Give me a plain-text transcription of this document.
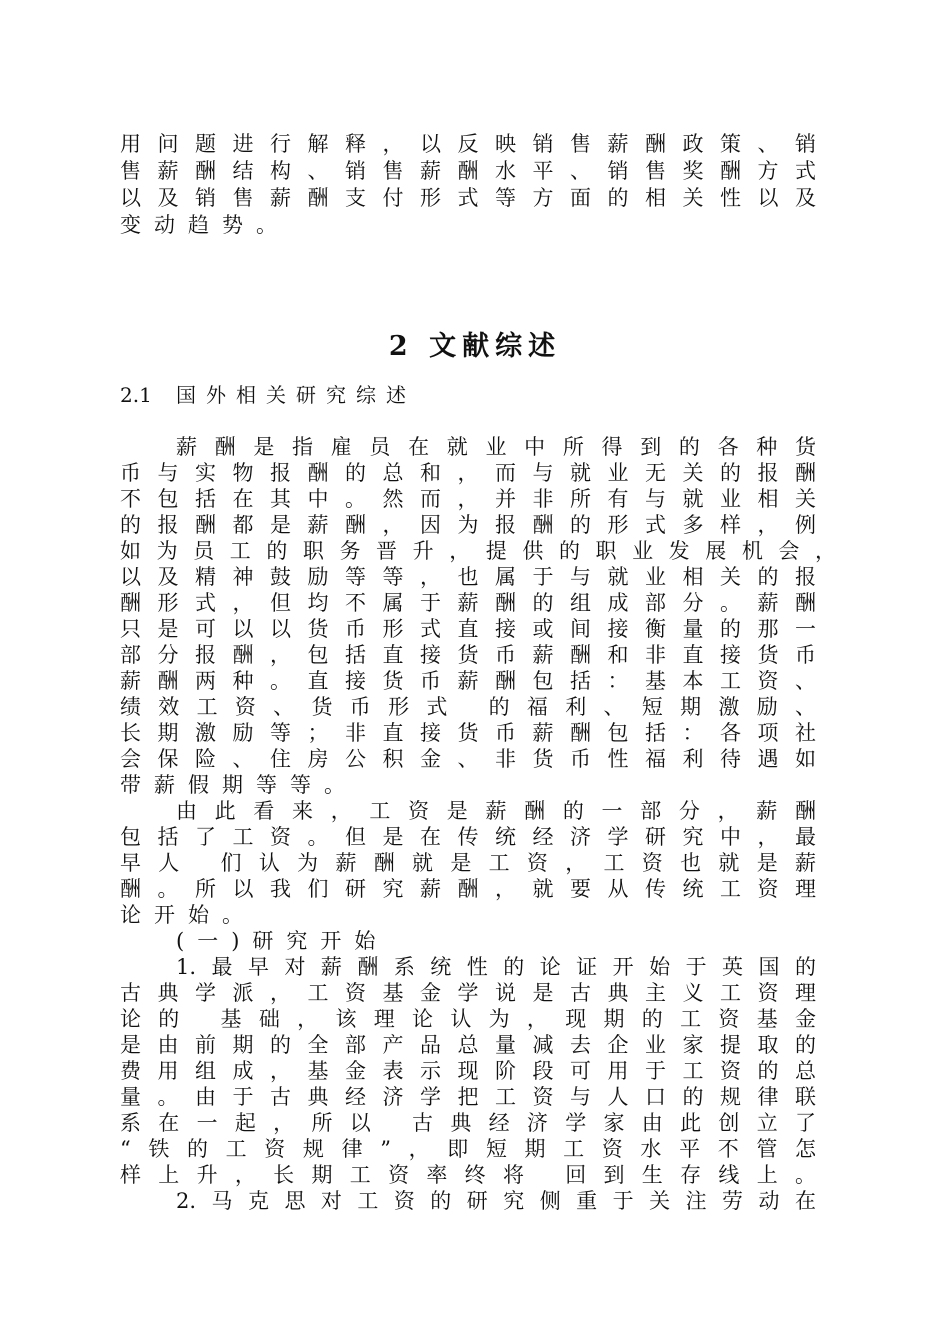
用问题进行解释，以反映销售薪酬政策、销
售薪酬结构、销售薪酬水平、销售奖酬方式
以及销售薪酬支付形式等方面的相关性以及
变动趋势。
2 文献综述
2.1 国外相关研究综述
薪酬是指雇员在就业中所得到的各种货
币与实物报酬的总和，而与就业无关的报酬
不包括在其中。然而，并非所有与就业相关
的报酬都是薪酬，因为报酬的形式多样，例
如为员工的职务晋升，提供的职业发展机会，
以及精神鼓励等等，也属于与就业相关的报
酬形式，但均不属于薪酬的组成部分。薪酬
只是可以以货币形式直接或间接衡量的那一
部分报酬，包括直接货币薪酬和非直接货币
薪酬两种。直接货币薪酬包括：基本工资、
绩效工资、货币形式 的福利、短期激励、
长期激励等；非直接货币薪酬包括：各项社
会保险、住房公积金、非货币性福利待遇如
带薪假期等等。
由此看来，工资是薪酬的一部分，薪酬
包括了工资。但是在传统经济学研究中，最
早人 们认为薪酬就是工资，工资也就是薪
酬。所以我们研究薪酬，就要从传统工资理
论开始。
(一)研究开始
1.最早对薪酬系统性的论证开始于英国的
古典学派，工资基金学说是古典主义工资理
论的 基础，该理论认为，现期的工资基金
是由前期的全部产品总量减去企业家提取的
费用组成，基金表示现阶段可用于工资的总
量。由于古典经济学把工资与人口的规律联
系在一起，所以 古典经济学家由此创立了
“铁的工资规律”，即短期工资水平不管怎
样上升，长期工资率终将 回到生存线上。
2.马克思对工资的研究侧重于关注劳动在
